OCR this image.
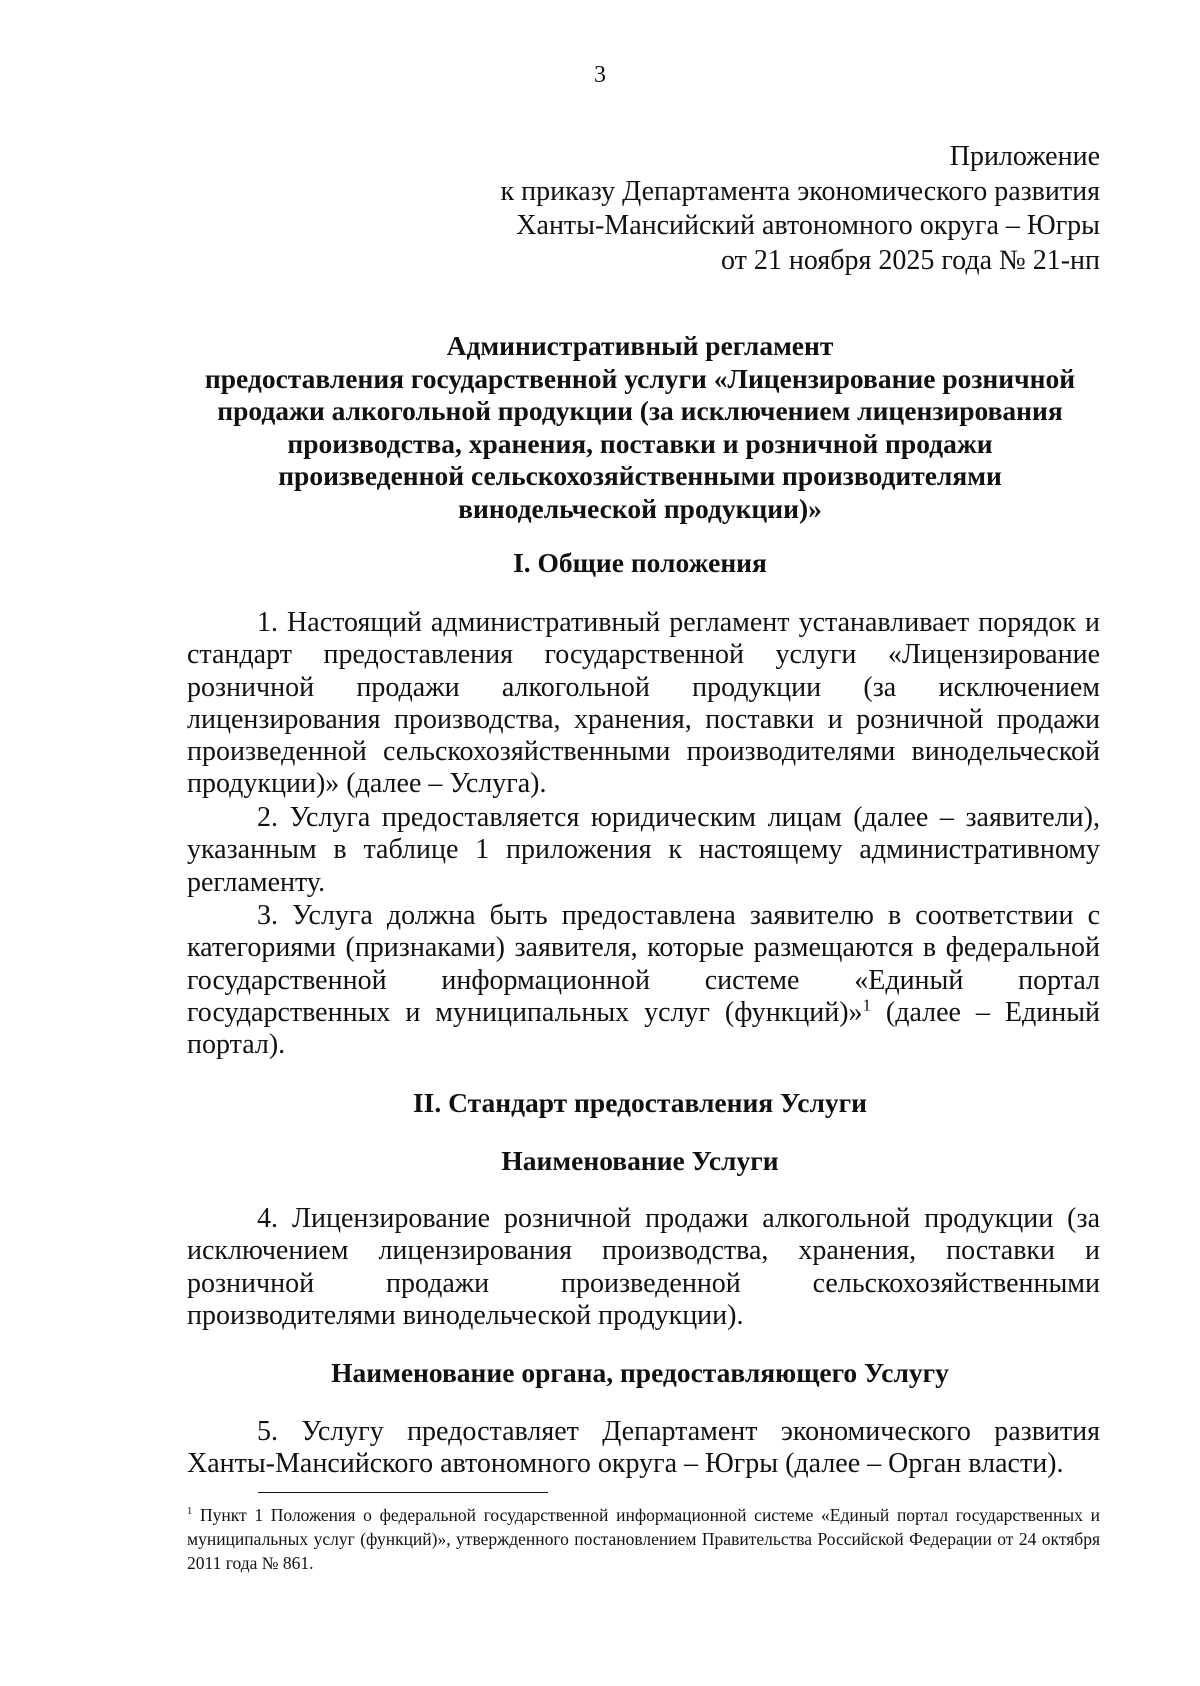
3
Приложение
к приказу Департамента экономического развития
Ханты-Мансийский автономного округа – Югры
от 21 ноября 2025 года № 21-нп
Административный регламент
предоставления государственной услуги «Лицензирование розничной
продажи алкогольной продукции (за исключением лицензирования
производства, хранения, поставки и розничной продажи
произведенной сельскохозяйственными производителями
винодельческой продукции)»
I. Общие положения
1. Настоящий административный регламент устанавливает порядок и стандарт предоставления государственной услуги «Лицензирование розничной продажи алкогольной продукции (за исключением лицензирования производства, хранения, поставки и розничной продажи произведенной сельскохозяйственными производителями винодельческой продукции)» (далее – Услуга).
2. Услуга предоставляется юридическим лицам (далее – заявители), указанным в таблице 1 приложения к настоящему административному регламенту.
3. Услуга должна быть предоставлена заявителю в соответствии с категориями (признаками) заявителя, которые размещаются в федеральной государственной информационной системе «Единый портал государственных и муниципальных услуг (функций)»$^1$ (далее – Единый портал).
II. Стандарт предоставления Услуги
Наименование Услуги
4. Лицензирование розничной продажи алкогольной продукции (за исключением лицензирования производства, хранения, поставки и розничной продажи произведенной сельскохозяйственными производителями винодельческой продукции).
Наименование органа, предоставляющего Услугу
5. Услугу предоставляет Департамент экономического развития Ханты-Мансийского автономного округа – Югры (далее – Орган власти).
$^1$ Пункт 1 Положения о федеральной государственной информационной системе «Единый портал государственных и муниципальных услуг (функций)», утвержденного постановлением Правительства Российской Федерации от 24 октября 2011 года № 861.
